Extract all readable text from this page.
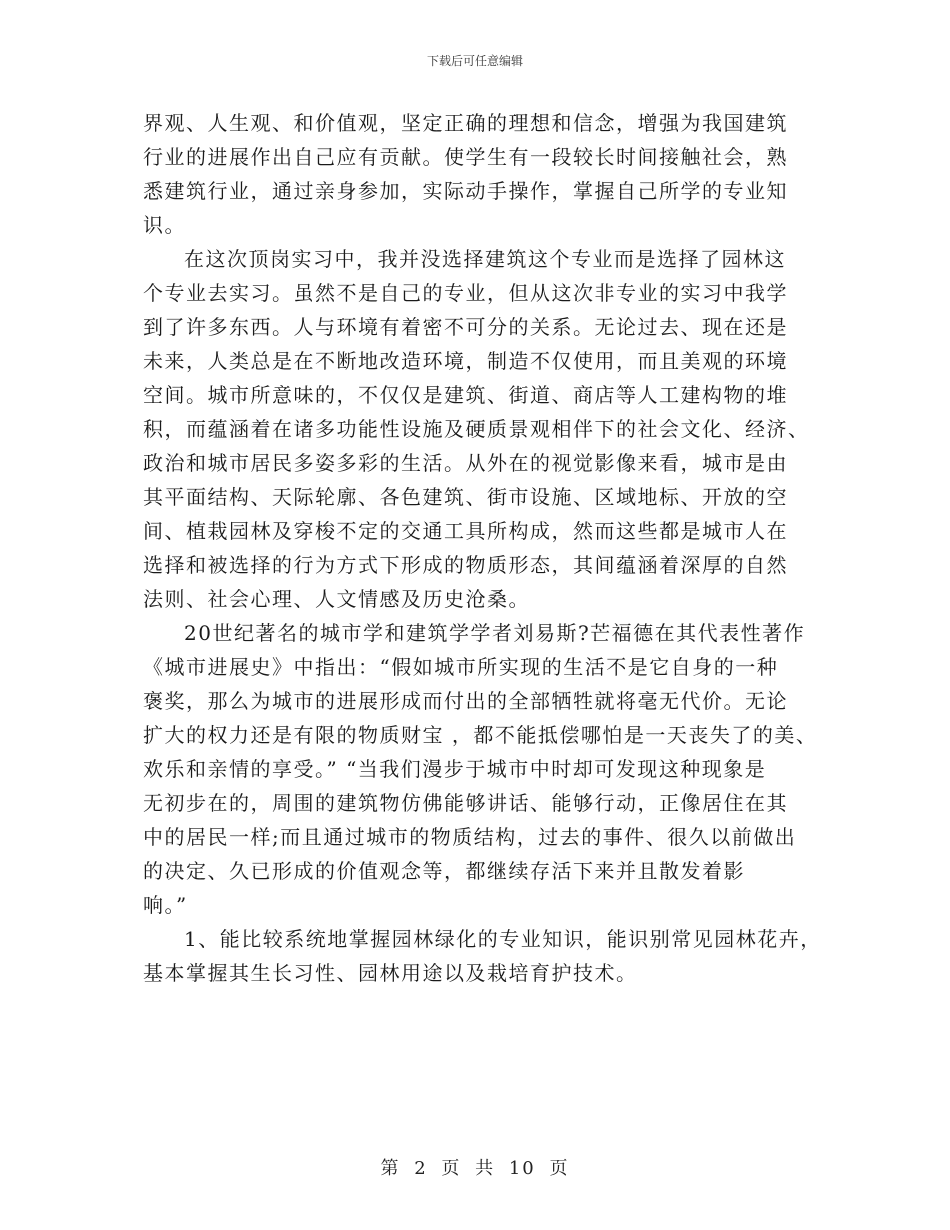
下载后可任意编辑
界观、人生观、和价值观，坚定正确的理想和信念，增强为我国建筑
行业的进展作出自己应有贡献。使学生有一段较长时间接触社会，熟
悉建筑行业，通过亲身参加，实际动手操作，掌握自己所学的专业知
识。
在这次顶岗实习中，我并没选择建筑这个专业而是选择了园林这
个专业去实习。虽然不是自己的专业，但从这次非专业的实习中我学
到了许多东西。人与环境有着密不可分的关系。无论过去、现在还是
未来，人类总是在不断地改造环境，制造不仅使用，而且美观的环境
空间。城市所意味的，不仅仅是建筑、街道、商店等人工建构物的堆
积，而蕴涵着在诸多功能性设施及硬质景观相伴下的社会文化、经济、
政治和城市居民多姿多彩的生活。从外在的视觉影像来看，城市是由
其平面结构、天际轮廓、各色建筑、街市设施、区域地标、开放的空
间、植栽园林及穿梭不定的交通工具所构成，然而这些都是城市人在
选择和被选择的行为方式下形成的物质形态，其间蕴涵着深厚的自然
法则、社会心理、人文情感及历史沧桑。
20世纪著名的城市学和建筑学学者刘易斯?芒福德在其代表性著作
《城市进展史》中指出：“假如城市所实现的生活不是它自身的一种
褒奖，那么为城市的进展形成而付出的全部牺牲就将毫无代价。无论
扩大的权力还是有限的物质财宝 ，都不能抵偿哪怕是一天丧失了的美、
欢乐和亲情的享受。” “当我们漫步于城市中时却可发现这种现象是
无初步在的，周围的建筑物仿佛能够讲话、能够行动，正像居住在其
中的居民一样;而且通过城市的物质结构，过去的事件、很久以前做出
的决定、久已形成的价值观念等，都继续存活下来并且散发着影
响。”
1、能比较系统地掌握园林绿化的专业知识，能识别常见园林花卉，
基本掌握其生长习性、园林用途以及栽培育护技术。
第 2 页 共 10 页
